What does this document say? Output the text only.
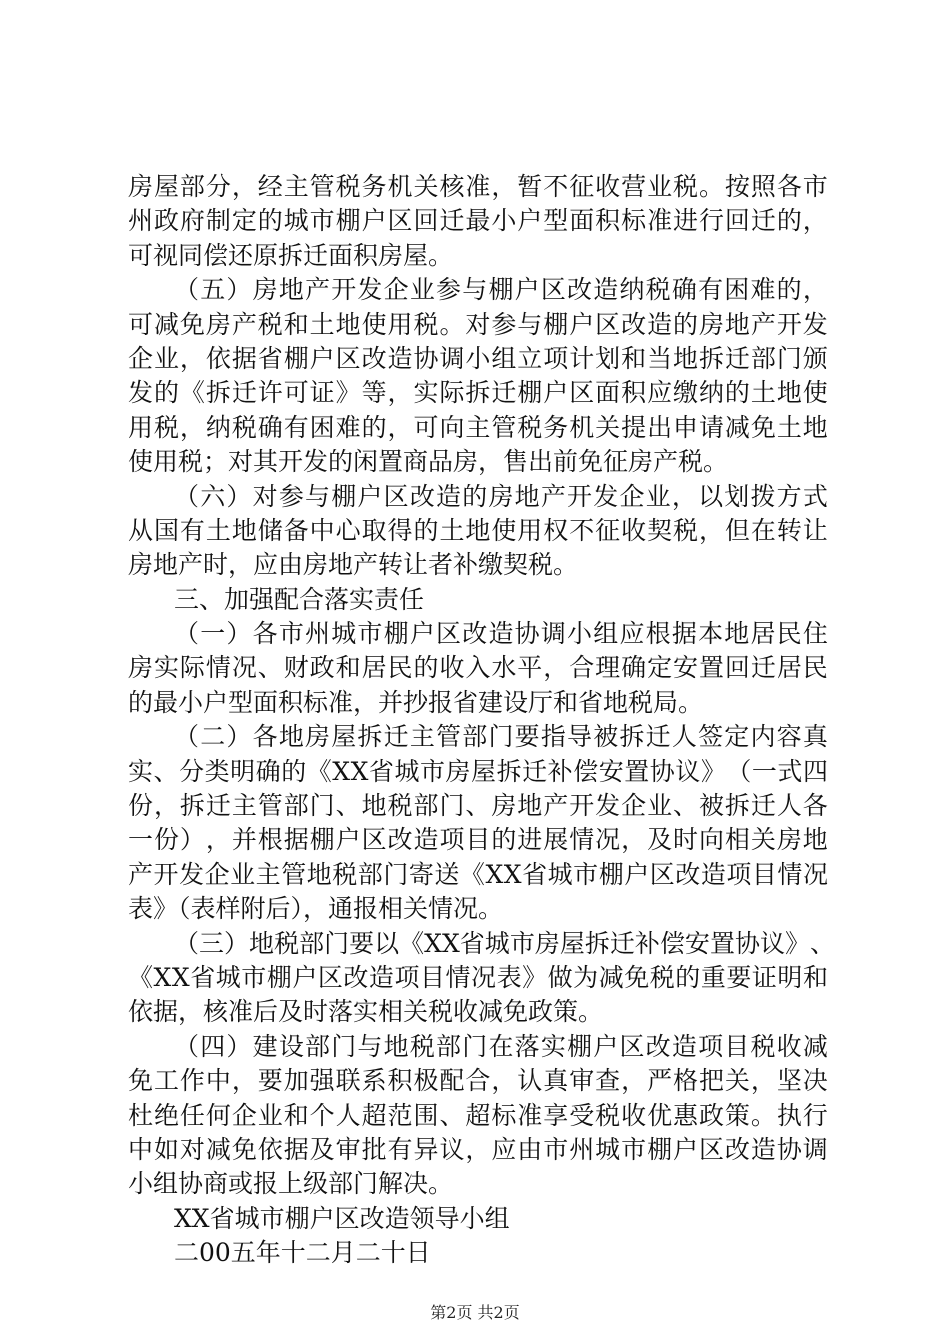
房 屋 部 分 ， 经 主 管 税 务 机 关 核 准 ， 暂 不 征 收 营 业 税 。 按 照 各 市
州 政 府 制 定 的 城 市 棚 户 区 回 迁 最 小 户 型 面 积 标 准 进 行 回 迁 的 ，
可视同偿还原拆迁面积房屋。
（ 五 ） 房 地 产 开 发 企 业 参 与 棚 户 区 改 造 纳 税 确 有 困 难 的 ，
可 减 免 房 产 税 和 土 地 使 用 税 。 对 参 与 棚 户 区 改 造 的 房 地 产 开 发
企 业 ， 依 据 省 棚 户 区 改 造 协 调 小 组 立 项 计 划 和 当 地 拆 迁 部 门 颁
发 的 《 拆 迁 许 可 证 》 等 ， 实 际 拆 迁 棚 户 区 面 积 应 缴 纳 的 土 地 使
用 税 ， 纳 税 确 有 困 难 的 ， 可 向 主 管 税 务 机 关 提 出 申 请 减 免 土 地
使用税；对其开发的闲置商品房，售出前免征房产税。
（ 六 ） 对 参 与 棚 户 区 改 造 的 房 地 产 开 发 企 业 ， 以 划 拨 方 式
从 国 有 土 地 储 备 中 心 取 得 的 土 地 使 用 权 不 征 收 契 税 ， 但 在 转 让
房地产时，应由房地产转让者补缴契税。
三、加强配合落实责任
（ 一 ） 各 市 州 城 市 棚 户 区 改 造 协 调 小 组 应 根 据 本 地 居 民 住
房 实 际 情 况 、 财 政 和 居 民 的 收 入 水 平 ， 合 理 确 定 安 置 回 迁 居 民
的最小户型面积标准，并抄报省建设厅和省地税局。
（ 二 ） 各 地 房 屋 拆 迁 主 管 部 门 要 指 导 被 拆 迁 人 签 定 内 容 真
实 、 分 类 明 确 的 《 X X 省 城 市 房 屋 拆 迁 补 偿 安 置 协 议 》 （ 一 式 四
份 ， 拆 迁 主 管 部 门 、 地 税 部 门 、 房 地 产 开 发 企 业 、 被 拆 迁 人 各
一 份 ） ， 并 根 据 棚 户 区 改 造 项 目 的 进 展 情 况 ， 及 时 向 相 关 房 地
产 开 发 企 业 主 管 地 税 部 门 寄 送 《 X X 省 城 市 棚 户 区 改 造 项 目 情 况
表》（表样附后），通报相关情况。
（ 三 ） 地 税 部 门 要 以 《 X X 省 城 市 房 屋 拆 迁 补 偿 安 置 协 议 》 、
《 X X 省 城 市 棚 户 区 改 造 项 目 情 况 表 》 做 为 减 免 税 的 重 要 证 明 和
依据，核准后及时落实相关税收减免政策。
（ 四 ） 建 设 部 门 与 地 税 部 门 在 落 实 棚 户 区 改 造 项 目 税 收 减
免 工 作 中 ， 要 加 强 联 系 积 极 配 合 ， 认 真 审 查 ， 严 格 把 关 ， 坚 决
杜 绝 任 何 企 业 和 个 人 超 范 围 、 超 标 准 享 受 税 收 优 惠 政 策 。 执 行
中 如 对 减 免 依 据 及 审 批 有 异 议 ， 应 由 市 州 城 市 棚 户 区 改 造 协 调
小组协商或报上级部门解决。
XX省城市棚户区改造领导小组
二00五年十二月二十日
第2页 共2页
